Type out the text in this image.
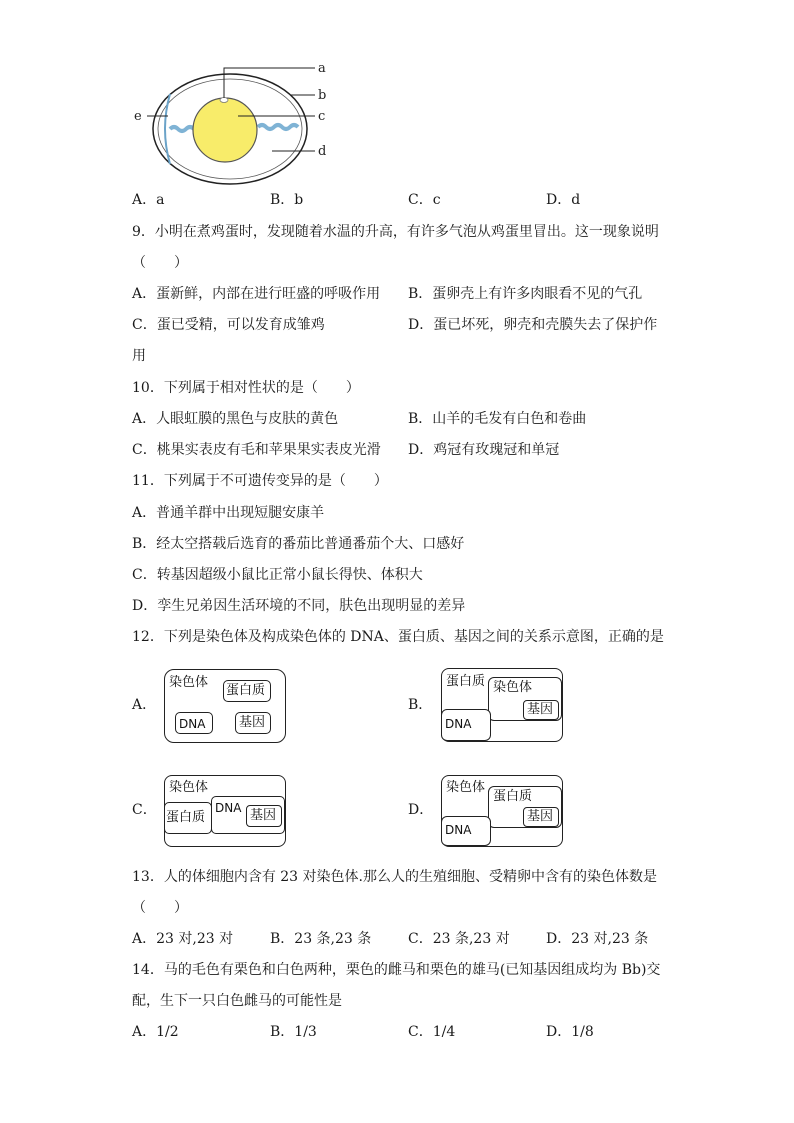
a
b
c
d
e
A．a	B．b	C．c	D．d
9．小明在煮鸡蛋时，发现随着水温的升高，有许多气泡从鸡蛋里冒出。这一现象说明
（　　）
A．蛋新鲜，内部在进行旺盛的呼吸作用 B．蛋卵壳上有许多肉眼看不见的气孔
C．蛋已受精，可以发育成雏鸡	D．蛋已坏死，卵壳和壳膜失去了保护作
用
10．下列属于相对性状的是（　　）
A．人眼虹膜的黑色与皮肤的黄色	B．山羊的毛发有白色和卷曲
C．桃果实表皮有毛和苹果果实表皮光滑 D．鸡冠有玫瑰冠和单冠
11．下列属于不可遗传变异的是（　　）
A．普通羊群中出现短腿安康羊
B．经太空搭载后选育的番茄比普通番茄个大、口感好
C．转基因超级小鼠比正常小鼠长得快、体积大
D．孪生兄弟因生活环境的不同，肤色出现明显的差异
12．下列是染色体及构成染色体的 DNA、蛋白质、基因之间的关系示意图，正确的是
A．
染色体
蛋白质
DNA	基因
B．
蛋白质 染色体
基因
DNA
C．
染色体
蛋白质
DNA 基因	D．
染色体
蛋白质
基因
DNA
13．人的体细胞内含有 23 对染色体.那么人的生殖细胞、受精卵中含有的染色体数是
（　　）
A．23 对,23 对	B．23 条,23 条	C．23 条,23 对	D．23 对,23 条
14．马的毛色有栗色和白色两种，栗色的雌马和栗色的雄马(已知基因组成均为 Bb)交
配，生下一只白色雌马的可能性是
A．1/2	B．1/3	C．1/4	D．1/8
